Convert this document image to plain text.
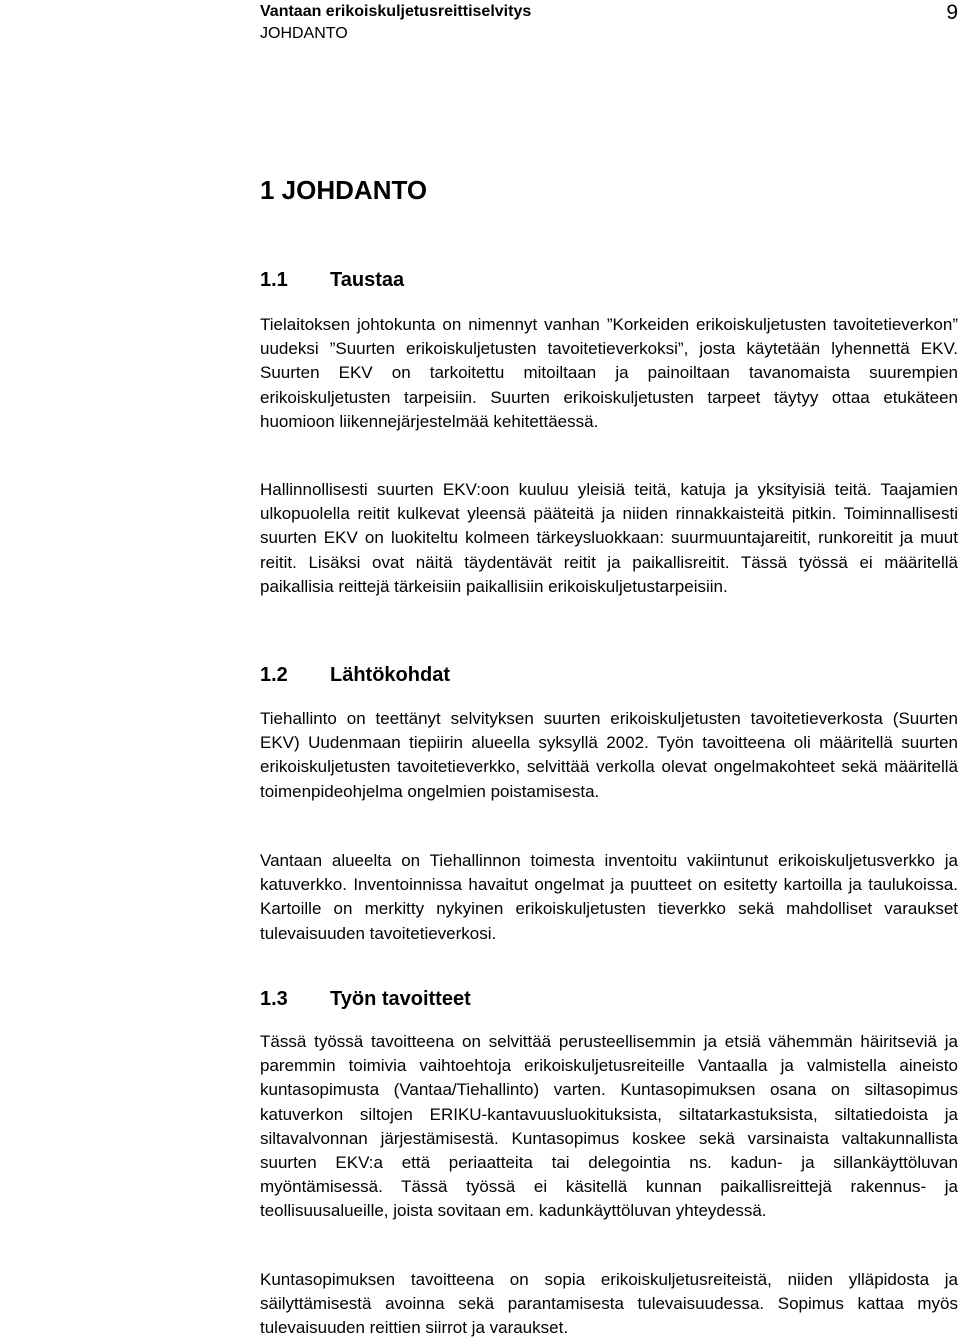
Vantaan erikoiskuljetusreittiselvitys
JOHDANTO
9
1 JOHDANTO
1.1 Taustaa

Tielaitoksen johtokunta on nimennyt vanhan ”Korkeiden erikoiskuljetusten tavoitetieverkon” uudeksi ”Suurten erikoiskuljetusten tavoitetieverkoksi”, josta käytetään lyhennettä EKV. Suurten EKV on tarkoitettu mitoiltaan ja painoiltaan tavanomaista suurempien erikoiskuljetusten tarpeisiin. Suurten erikoiskuljetusten tarpeet täytyy ottaa etukäteen huomioon liikennejärjestelmää kehitettäessä.

Hallinnollisesti suurten EKV:oon kuuluu yleisiä teitä, katuja ja yksityisiä teitä. Taajamien ulkopuolella reitit kulkevat yleensä pääteitä ja niiden rinnakkaisteitä pitkin. Toiminnallisesti suurten EKV on luokiteltu kolmeen tärkeysluokkaan: suurmuuntajareitit, runkoreitit ja muut reitit. Lisäksi ovat näitä täydentävät reitit ja paikallisreitit. Tässä työssä ei määritellä paikallisia reittejä tärkeisiin paikallisiin erikoiskuljetustarpeisiin.

1.2 Lähtökohdat

Tiehallinto on teettänyt selvityksen suurten erikoiskuljetusten tavoitetieverkosta (Suurten EKV) Uudenmaan tiepiirin alueella syksyllä 2002. Työn tavoitteena oli määritellä suurten erikoiskuljetusten tavoitetieverkko, selvittää verkolla olevat ongelmakohteet sekä määritellä toimenpideohjelma ongelmien poistamisesta.

Vantaan alueelta on Tiehallinnon toimesta inventoitu vakiintunut erikoiskuljetusverkko ja katuverkko. Inventoinnissa havaitut ongelmat ja puutteet on esitetty kartoilla ja taulukoissa. Kartoille on merkitty nykyinen erikoiskuljetusten tieverkko sekä mahdolliset varaukset tulevaisuuden tavoitetieverkosi.

1.3 Työn tavoitteet

Tässä työssä tavoitteena on selvittää perusteellisemmin ja etsiä vähemmän häiritseviä ja paremmin toimivia vaihtoehtoja erikoiskuljetusreiteille Vantaalla ja valmistella aineisto kuntasopimusta (Vantaa/Tiehallinto) varten. Kuntasopimuksen osana on siltasopimus katuverkon siltojen ERIKU-kantavuusluokituksista, siltatarkastuksista, siltatiedoista ja siltavalvonnan järjestämisestä. Kuntasopimus koskee sekä varsinaista valtakunnallista suurten EKV:a että periaatteita tai delegointia ns. kadun- ja sillankäyttöluvan myöntämisessä. Tässä työssä ei käsitellä kunnan paikallisreittejä rakennus- ja teollisuusalueille, joista sovitaan em. kadunkäyttöluvan yhteydessä.

Kuntasopimuksen tavoitteena on sopia erikoiskuljetusreiteistä, niiden ylläpidosta ja säilyttämisestä avoinna sekä parantamisesta tulevaisuudessa. Sopimus kattaa myös tulevaisuuden reittien siirrot ja varaukset.
